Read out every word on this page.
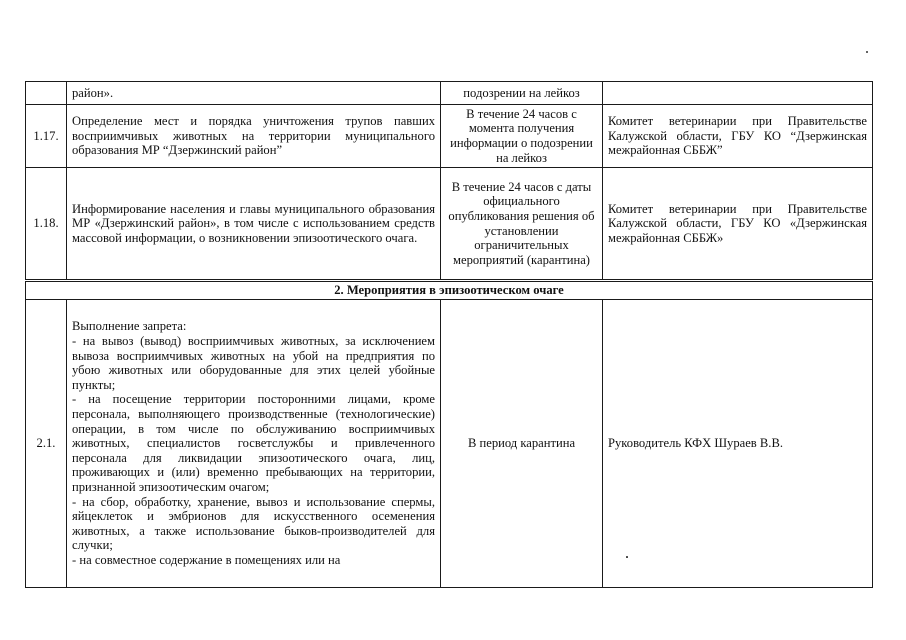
	район».	подозрении на лейкоз	
1.17.	Определение мест и порядка уничтожения трупов павших восприимчивых животных на территории муниципального образования МР “Дзержинский район”	В течение 24 часов с момента получения информации о подозрении на лейкоз	Комитет ветеринарии при Правительстве Калужской области, ГБУ КО “Дзержинская межрайонная СББЖ”
1.18.	Информирование населения и главы муниципального образования МР «Дзержинский район», в том числе с использованием средств массовой информации, о возникновении эпизоотического очага.	В течение 24 часов с даты официального опубликования решения об установлении ограничительных мероприятий (карантина)	Комитет ветеринарии при Правительстве Калужской области, ГБУ КО «Дзержинская межрайонная СББЖ»
2. Мероприятия в эпизоотическом очаге			
2.1.	Выполнение запрета:
- на вывоз (вывод) восприимчивых животных, за исключением вывоза восприимчивых животных на убой на предприятия по убою животных или оборудованные для этих целей убойные пункты;
- на посещение территории посторонними лицами, кроме персонала, выполняющего производственные (технологические) операции, в том числе по обслуживанию восприимчивых животных, специалистов госветслужбы и привлеченного персонала для ликвидации эпизоотического очага, лиц, проживающих и (или) временно пребывающих на территории, признанной эпизоотическим очагом;
- на сбор, обработку, хранение, вывоз и использование спермы, яйцеклеток и эмбрионов для искусственного осеменения животных, а также использование быков-производителей для случки;
- на совместное содержание в помещениях или на	В период карантина	Руководитель КФХ Шураев В.В.
